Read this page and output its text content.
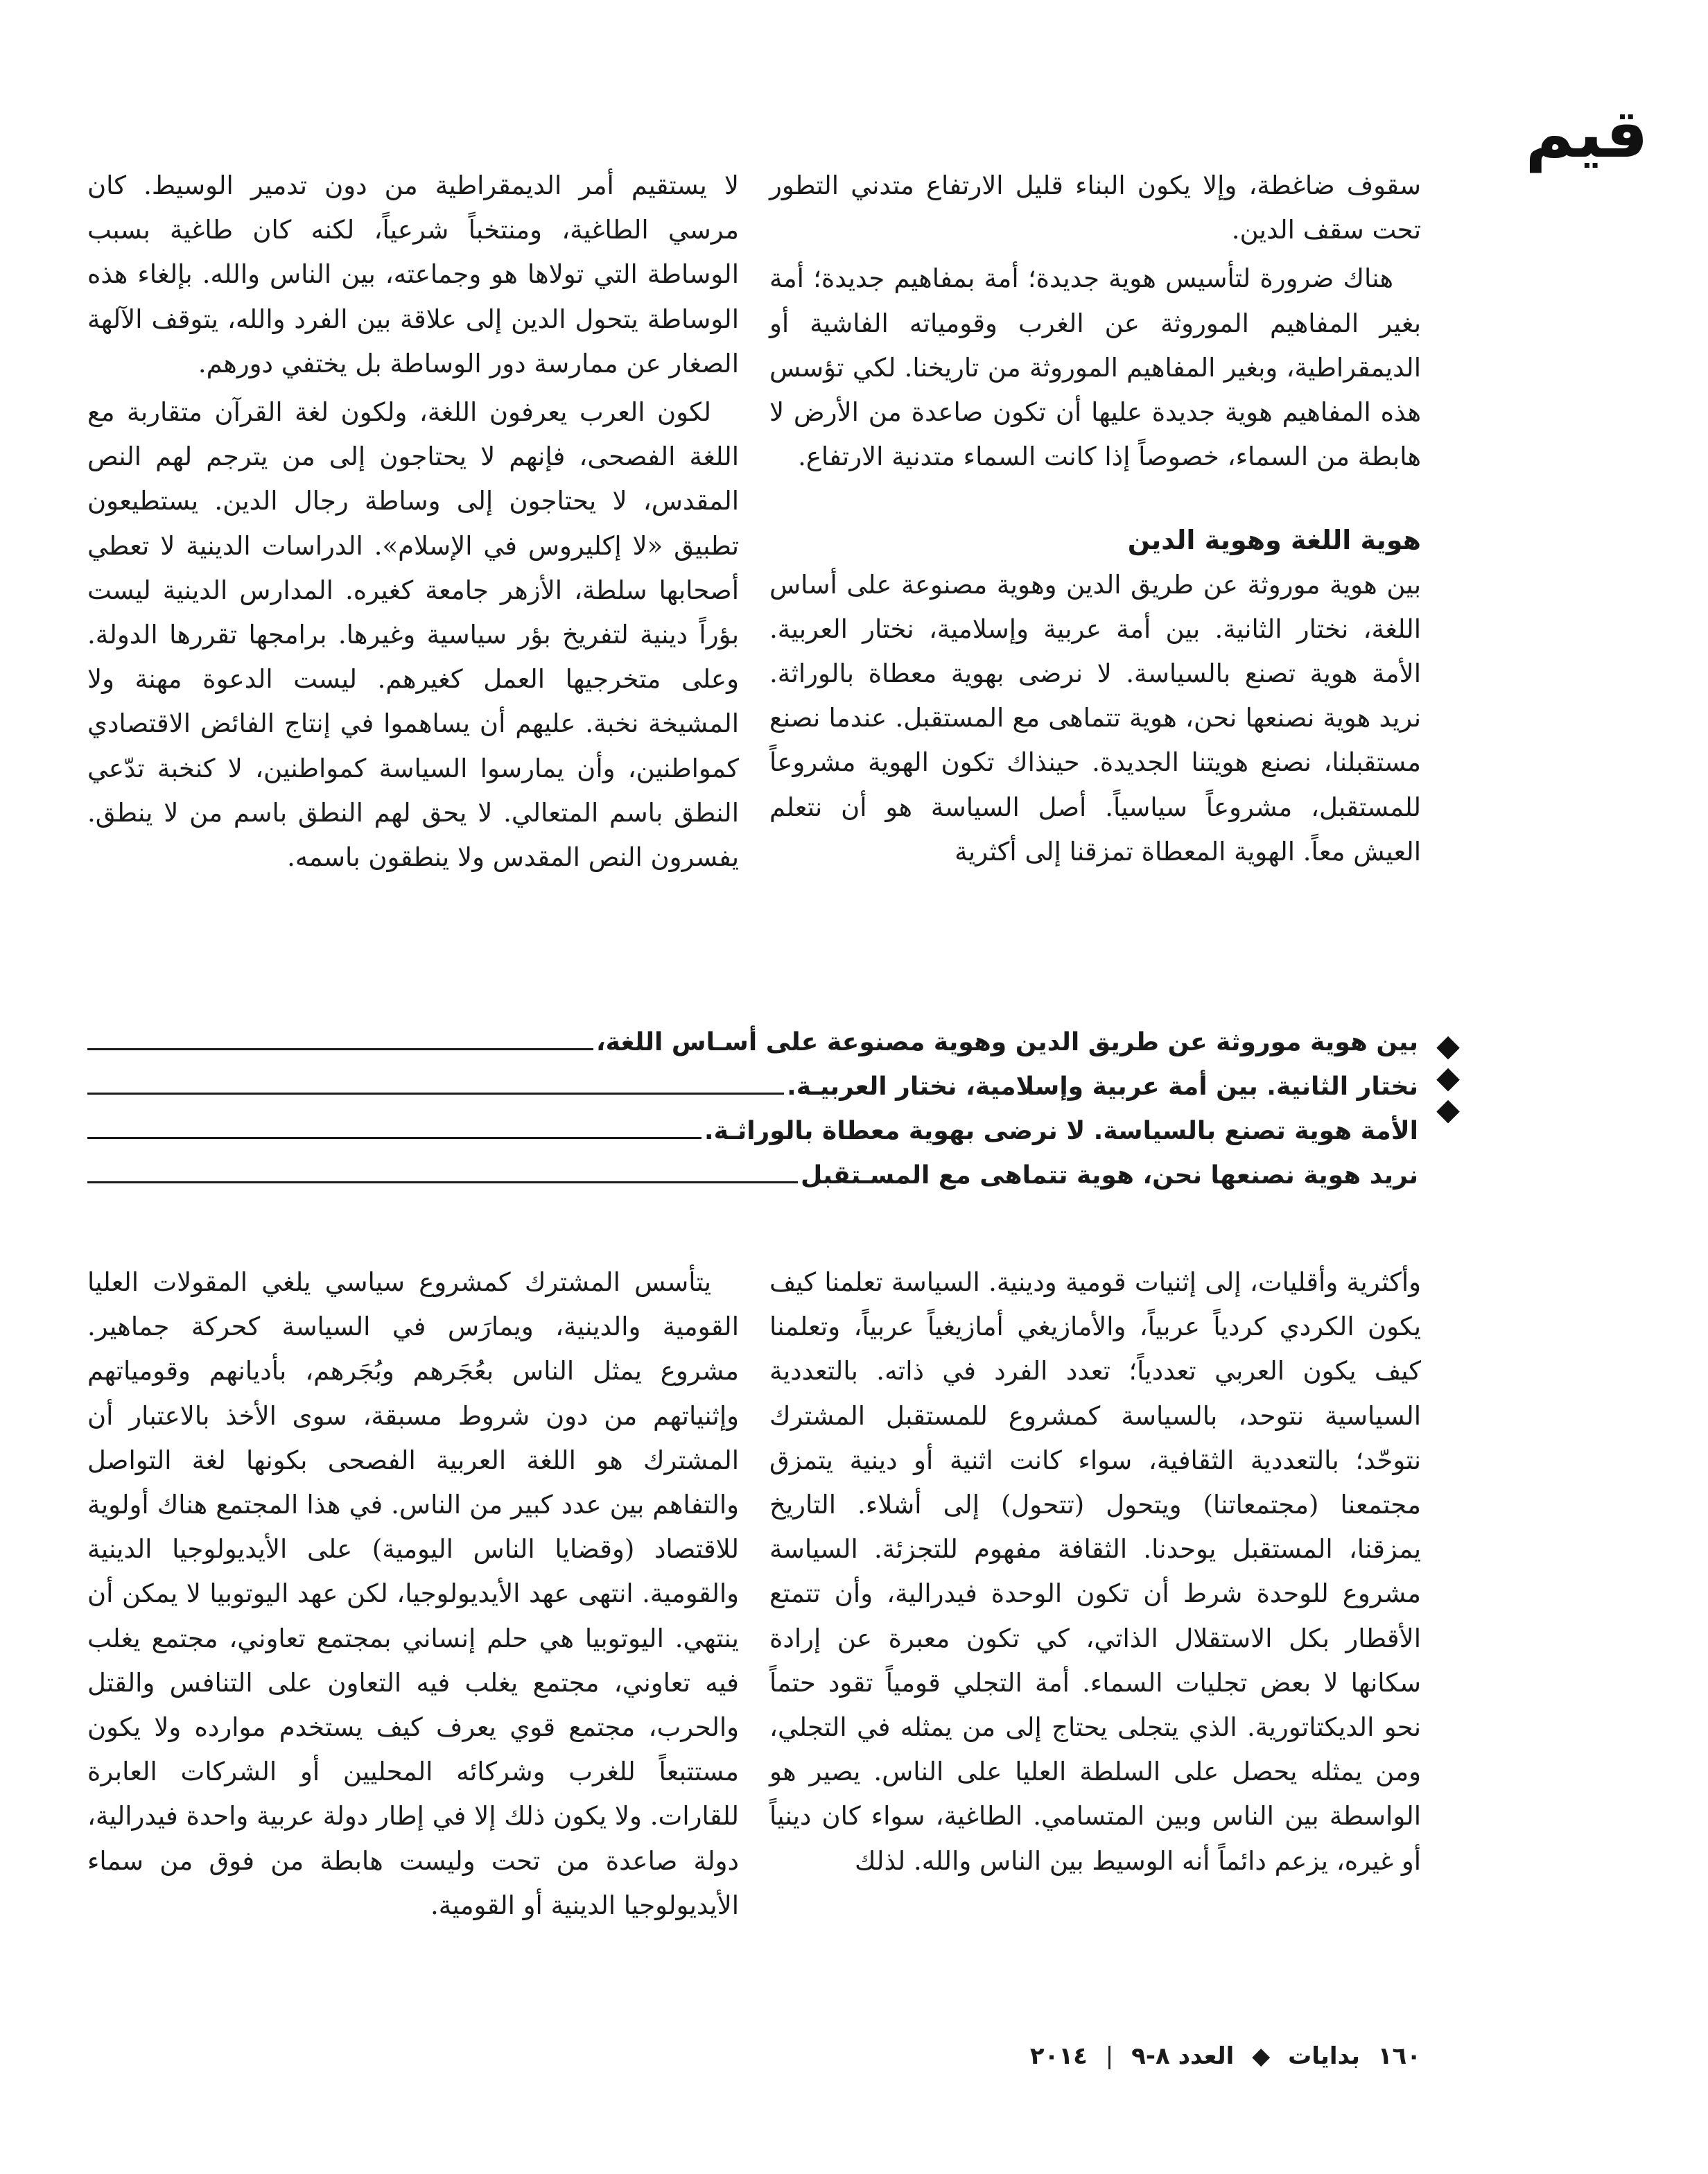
قيم

سقوف ضاغطة، وإلا يكون البناء قليل الارتفاع متدني التطور تحت سقف الدين.

هناك ضرورة لتأسيس هوية جديدة؛ أمة بمفاهيم جديدة؛ أمة بغير المفاهيم الموروثة عن الغرب وقومياته الفاشية أو الديمقراطية، وبغير المفاهيم الموروثة من تاريخنا. لكي تؤسس هذه المفاهيم هوية جديدة عليها أن تكون صاعدة من الأرض لا هابطة من السماء، خصوصاً إذا كانت السماء متدنية الارتفاع.

هوية اللغة وهوية الدين

بين هوية موروثة عن طريق الدين وهوية مصنوعة على أساس اللغة، نختار الثانية. بين أمة عربية وإسلامية، نختار العربية. الأمة هوية تصنع بالسياسة. لا نرضى بهوية معطاة بالوراثة. نريد هوية نصنعها نحن، هوية تتماهى مع المستقبل. عندما نصنع مستقبلنا، نصنع هويتنا الجديدة. حينذاك تكون الهوية مشروعاً للمستقبل، مشروعاً سياسياً. أصل السياسة هو أن نتعلم العيش معاً. الهوية المعطاة تمزقنا إلى أكثرية

لا يستقيم أمر الديمقراطية من دون تدمير الوسيط. كان مرسي الطاغية، ومنتخباً شرعياً، لكنه كان طاغية بسبب الوساطة التي تولاها هو وجماعته، بين الناس والله. بإلغاء هذه الوساطة يتحول الدين إلى علاقة بين الفرد والله، يتوقف الآلهة الصغار عن ممارسة دور الوساطة بل يختفي دورهم.

لكون العرب يعرفون اللغة، ولكون لغة القرآن متقاربة مع اللغة الفصحى، فإنهم لا يحتاجون إلى من يترجم لهم النص المقدس، لا يحتاجون إلى وساطة رجال الدين. يستطيعون تطبيق «لا إكليروس في الإسلام». الدراسات الدينية لا تعطي أصحابها سلطة، الأزهر جامعة كغيره. المدارس الدينية ليست بؤراً دينية لتفريخ بؤر سياسية وغيرها. برامجها تقررها الدولة. وعلى متخرجيها العمل كغيرهم. ليست الدعوة مهنة ولا المشيخة نخبة. عليهم أن يساهموا في إنتاج الفائض الاقتصادي كمواطنين، وأن يمارسوا السياسة كمواطنين، لا كنخبة تدّعي النطق باسم المتعالي. لا يحق لهم النطق باسم من لا ينطق. يفسرون النص المقدس ولا ينطقون باسمه.

◆
◆
◆
بين هوية موروثة عن طريق الدين وهوية مصنوعة على أسـاس اللغة،
نختار الثانية. بين أمة عربية وإسلامية، نختار العربيـة.
الأمة هوية تصنع بالسياسة. لا نرضى بهوية معطاة بالوراثـة.
نريد هوية نصنعها نحن، هوية تتماهى مع المسـتقبل

وأكثرية وأقليات، إلى إثنيات قومية ودينية. السياسة تعلمنا كيف يكون الكردي كردياً عربياً، والأمازيغي أمازيغياً عربياً، وتعلمنا كيف يكون العربي تعددياً؛ تعدد الفرد في ذاته. بالتعددية السياسية نتوحد، بالسياسة كمشروع للمستقبل المشترك نتوحّد؛ بالتعددية الثقافية، سواء كانت اثنية أو دينية يتمزق مجتمعنا (مجتمعاتنا) ويتحول (تتحول) إلى أشلاء. التاريخ يمزقنا، المستقبل يوحدنا. الثقافة مفهوم للتجزئة. السياسة مشروع للوحدة شرط أن تكون الوحدة فيدرالية، وأن تتمتع الأقطار بكل الاستقلال الذاتي، كي تكون معبرة عن إرادة سكانها لا بعض تجليات السماء. أمة التجلي قومياً تقود حتماً نحو الديكتاتورية. الذي يتجلى يحتاج إلى من يمثله في التجلي، ومن يمثله يحصل على السلطة العليا على الناس. يصير هو الواسطة بين الناس وبين المتسامي. الطاغية، سواء كان دينياً أو غيره، يزعم دائماً أنه الوسيط بين الناس والله. لذلك

يتأسس المشترك كمشروع سياسي يلغي المقولات العليا القومية والدينية، ويمارَس في السياسة كحركة جماهير. مشروع يمثل الناس بعُجَرهم وبُجَرهم، بأديانهم وقومياتهم وإثنياتهم من دون شروط مسبقة، سوى الأخذ بالاعتبار أن المشترك هو اللغة العربية الفصحى بكونها لغة التواصل والتفاهم بين عدد كبير من الناس. في هذا المجتمع هناك أولوية للاقتصاد (وقضايا الناس اليومية) على الأيديولوجيا الدينية والقومية. انتهى عهد الأيديولوجيا، لكن عهد اليوتوبيا لا يمكن أن ينتهي. اليوتوبيا هي حلم إنساني بمجتمع تعاوني، مجتمع يغلب فيه تعاوني، مجتمع يغلب فيه التعاون على التنافس والقتل والحرب، مجتمع قوي يعرف كيف يستخدم موارده ولا يكون مستتبعاً للغرب وشركائه المحليين أو الشركات العابرة للقارات. ولا يكون ذلك إلا في إطار دولة عربية واحدة فيدرالية، دولة صاعدة من تحت وليست هابطة من فوق من سماء الأيديولوجيا الدينية أو القومية.

١٦٠ بدايات ◆ العدد ٨-٩ | ٢٠١٤
